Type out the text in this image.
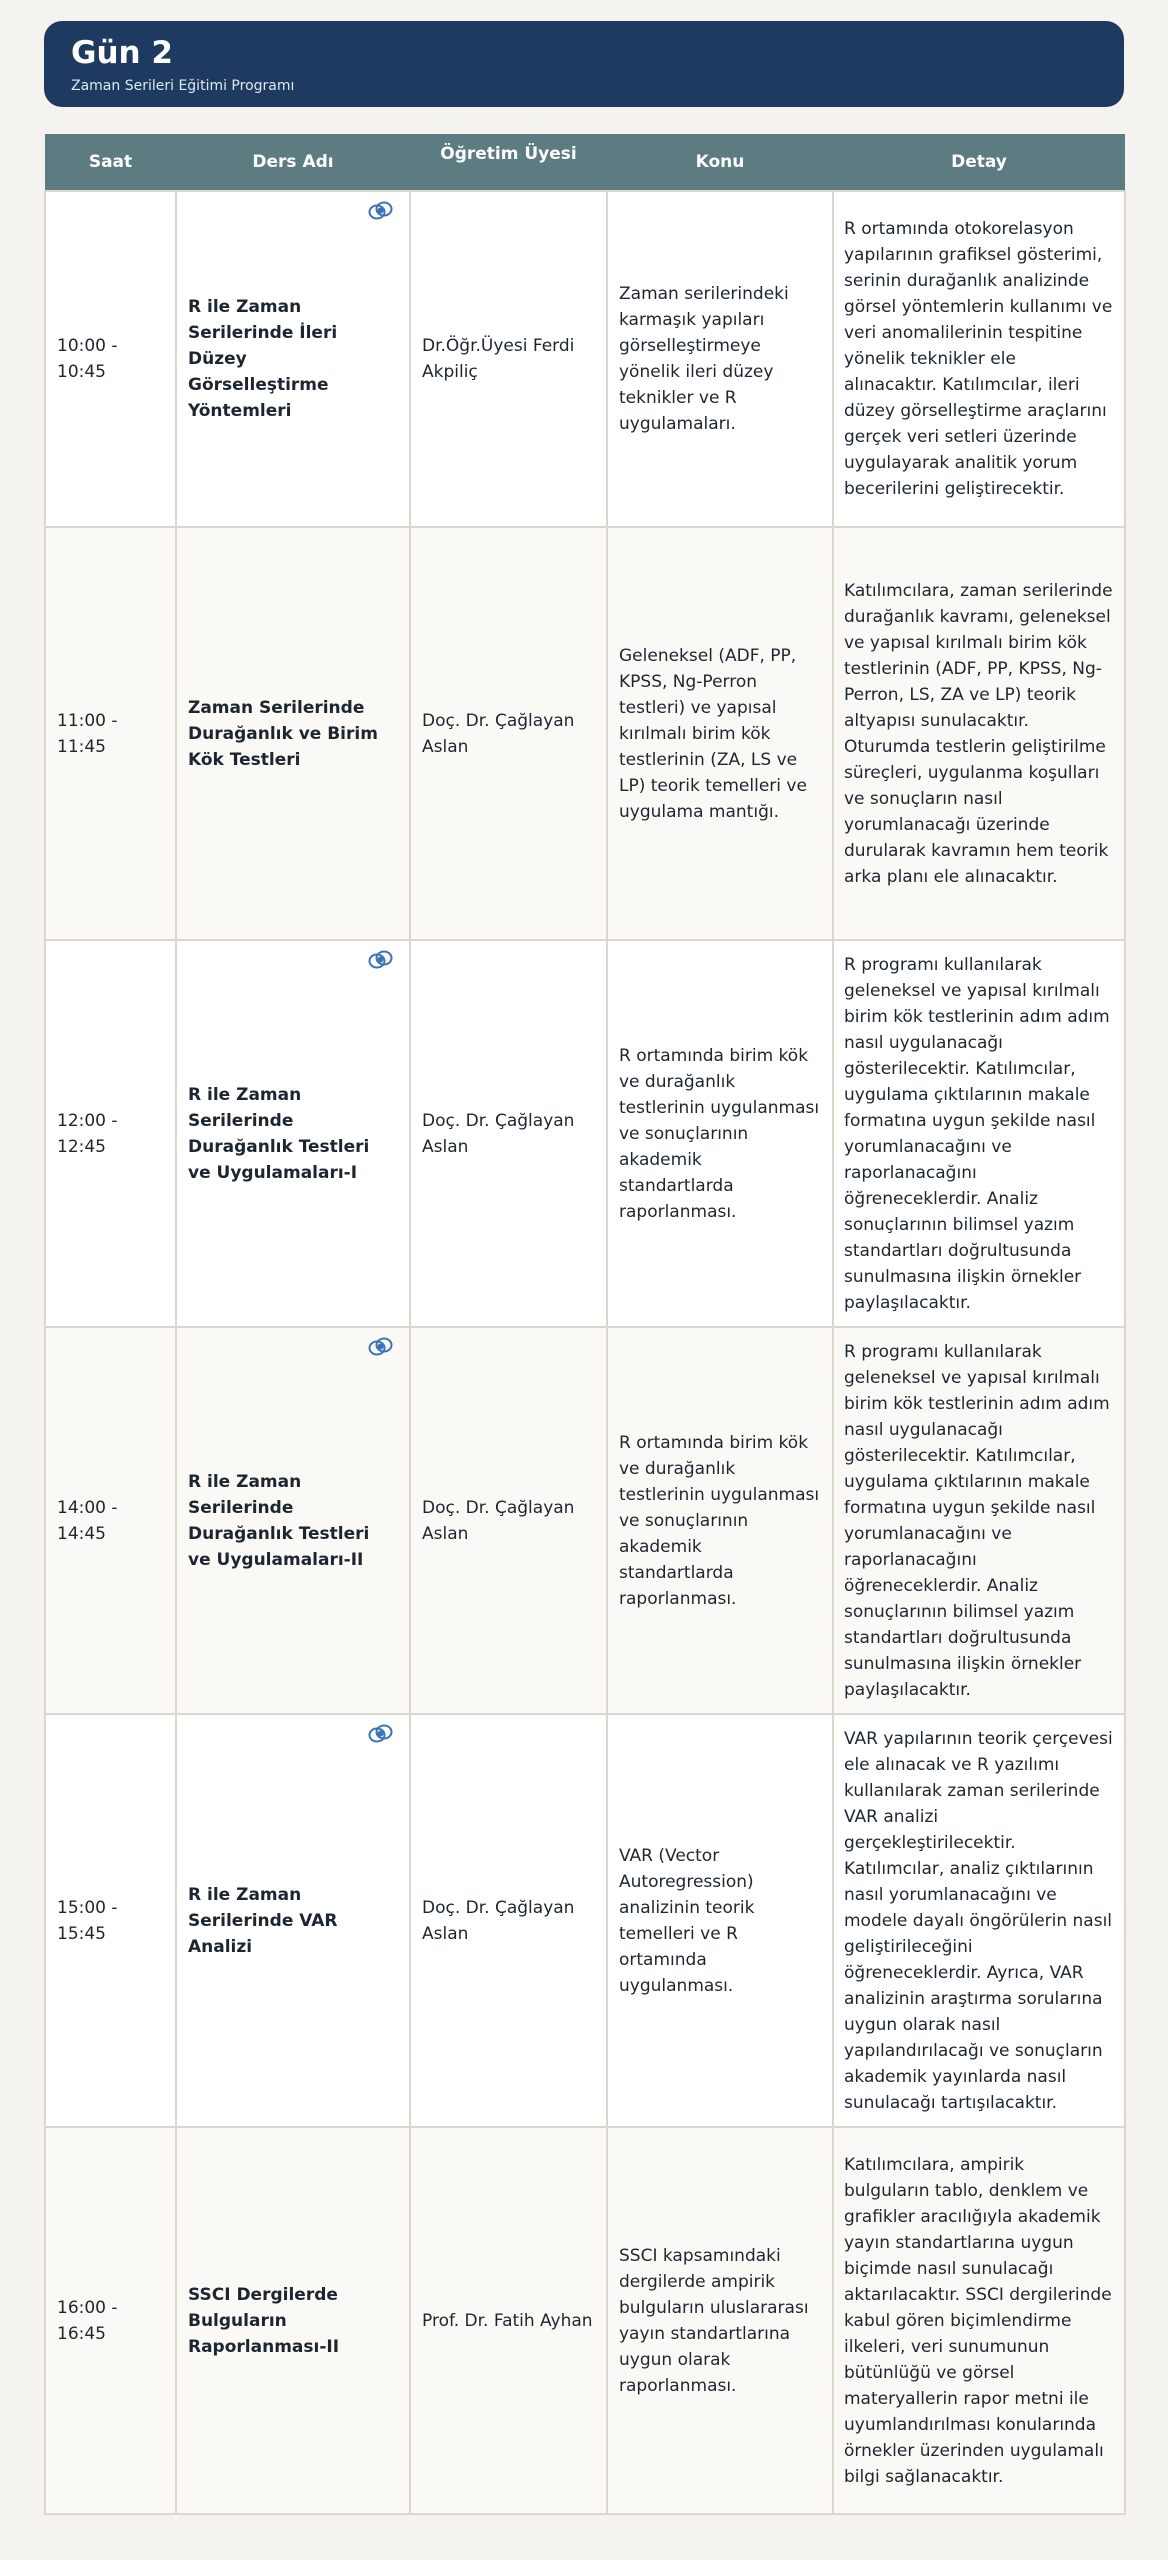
Gün 2
Zaman Serileri Eğitimi Programı
Saat	Ders Adı	Öğretim Üyesi	Konu	Detay
10:00 - 10:45	R ile Zaman Serilerinde İleri Düzey Görselleştirme Yöntemleri	Dr.Öğr.Üyesi Ferdi Akpiliç	Zaman serilerindeki karmaşık yapıları görselleştirmeye yönelik ileri düzey teknikler ve R uygulamaları.	R ortamında otokorelasyon yapılarının grafiksel gösterimi, serinin durağanlık analizinde görsel yöntemlerin kullanımı ve veri anomalilerinin tespitine yönelik teknikler ele alınacaktır. Katılımcılar, ileri düzey görselleştirme araçlarını gerçek veri setleri üzerinde uygulayarak analitik yorum becerilerini geliştirecektir.
11:00 - 11:45	Zaman Serilerinde Durağanlık ve Birim Kök Testleri	Doç. Dr. Çağlayan Aslan	Geleneksel (ADF, PP, KPSS, Ng-Perron testleri) ve yapısal kırılmalı birim kök testlerinin (ZA, LS ve LP) teorik temelleri ve uygulama mantığı.	Katılımcılara, zaman serilerinde durağanlık kavramı, geleneksel ve yapısal kırılmalı birim kök testlerinin (ADF, PP, KPSS, Ng-Perron, LS, ZA ve LP) teorik altyapısı sunulacaktır. Oturumda testlerin geliştirilme süreçleri, uygulanma koşulları ve sonuçların nasıl yorumlanacağı üzerinde durularak kavramın hem teorik arka planı ele alınacaktır.
12:00 - 12:45	R ile Zaman Serilerinde Durağanlık Testleri ve Uygulamaları-I	Doç. Dr. Çağlayan Aslan	R ortamında birim kök ve durağanlık testlerinin uygulanması ve sonuçlarının akademik standartlarda raporlanması.	R programı kullanılarak geleneksel ve yapısal kırılmalı birim kök testlerinin adım adım nasıl uygulanacağı gösterilecektir. Katılımcılar, uygulama çıktılarının makale formatına uygun şekilde nasıl yorumlanacağını ve raporlanacağını öğreneceklerdir. Analiz sonuçlarının bilimsel yazım standartları doğrultusunda sunulmasına ilişkin örnekler paylaşılacaktır.
14:00 - 14:45	R ile Zaman Serilerinde Durağanlık Testleri ve Uygulamaları-II	Doç. Dr. Çağlayan Aslan	R ortamında birim kök ve durağanlık testlerinin uygulanması ve sonuçlarının akademik standartlarda raporlanması.	R programı kullanılarak geleneksel ve yapısal kırılmalı birim kök testlerinin adım adım nasıl uygulanacağı gösterilecektir. Katılımcılar, uygulama çıktılarının makale formatına uygun şekilde nasıl yorumlanacağını ve raporlanacağını öğreneceklerdir. Analiz sonuçlarının bilimsel yazım standartları doğrultusunda sunulmasına ilişkin örnekler paylaşılacaktır.
15:00 - 15:45	R ile Zaman Serilerinde VAR Analizi	Doç. Dr. Çağlayan Aslan	VAR (Vector Autoregression) analizinin teorik temelleri ve R ortamında uygulanması.	VAR yapılarının teorik çerçevesi ele alınacak ve R yazılımı kullanılarak zaman serilerinde VAR analizi gerçekleştirilecektir. Katılımcılar, analiz çıktılarının nasıl yorumlanacağını ve modele dayalı öngörülerin nasıl geliştirileceğini öğreneceklerdir. Ayrıca, VAR analizinin araştırma sorularına uygun olarak nasıl yapılandırılacağı ve sonuçların akademik yayınlarda nasıl sunulacağı tartışılacaktır.
16:00 - 16:45	SSCI Dergilerde Bulguların Raporlanması-II	Prof. Dr. Fatih Ayhan	SSCI kapsamındaki dergilerde ampirik bulguların uluslararası yayın standartlarına uygun olarak raporlanması.	Katılımcılara, ampirik bulguların tablo, denklem ve grafikler aracılığıyla akademik yayın standartlarına uygun biçimde nasıl sunulacağı aktarılacaktır. SSCI dergilerinde kabul gören biçimlendirme ilkeleri, veri sunumunun bütünlüğü ve görsel materyallerin rapor metni ile uyumlandırılması konularında örnekler üzerinden uygulamalı bilgi sağlanacaktır.
